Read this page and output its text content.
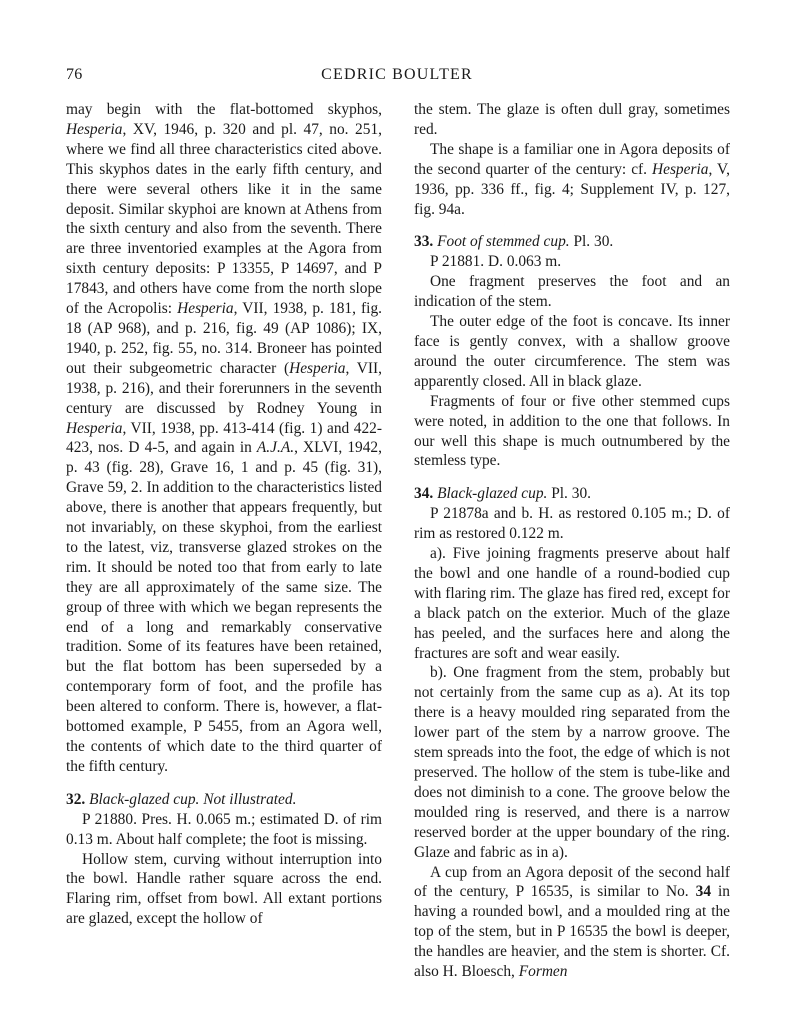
CEDRIC BOULTER
76

may begin with the flat-bottomed skyphos, Hesperia, XV, 1946, p. 320 and pl. 47, no. 251, where we find all three characteristics cited above. This skyphos dates in the early fifth century, and there were several others like it in the same deposit. Similar skyphoi are known at Athens from the sixth century and also from the seventh. There are three inventoried examples at the Agora from sixth century deposits: P 13355, P 14697, and P 17843, and others have come from the north slope of the Acropolis: Hesperia, VII, 1938, p. 181, fig. 18 (AP 968), and p. 216, fig. 49 (AP 1086); IX, 1940, p. 252, fig. 55, no. 314. Broneer has pointed out their subgeometric character (Hesperia, VII, 1938, p. 216), and their forerunners in the seventh century are discussed by Rodney Young in Hesperia, VII, 1938, pp. 413-414 (fig. 1) and 422-423, nos. D 4-5, and again in A.J.A., XLVI, 1942, p. 43 (fig. 28), Grave 16, 1 and p. 45 (fig. 31), Grave 59, 2. In addition to the characteristics listed above, there is another that appears frequently, but not invariably, on these skyphoi, from the earliest to the latest, viz, transverse glazed strokes on the rim. It should be noted too that from early to late they are all approximately of the same size. The group of three with which we began represents the end of a long and remarkably conservative tradition. Some of its features have been retained, but the flat bottom has been superseded by a contemporary form of foot, and the profile has been altered to conform. There is, however, a flat-bottomed example, P 5455, from an Agora well, the contents of which date to the third quarter of the fifth century.

32. Black-glazed cup. Not illustrated.

P 21880. Pres. H. 0.065 m.; estimated D. of rim 0.13 m. About half complete; the foot is missing.

Hollow stem, curving without interruption into the bowl. Handle rather square across the end. Flaring rim, offset from bowl. All extant portions are glazed, except the hollow of

the stem. The glaze is often dull gray, sometimes red.

The shape is a familiar one in Agora deposits of the second quarter of the century: cf. Hesperia, V, 1936, pp. 336 ff., fig. 4; Supplement IV, p. 127, fig. 94a.

33. Foot of stemmed cup. Pl. 30.

P 21881. D. 0.063 m.

One fragment preserves the foot and an indication of the stem.

The outer edge of the foot is concave. Its inner face is gently convex, with a shallow groove around the outer circumference. The stem was apparently closed. All in black glaze.

Fragments of four or five other stemmed cups were noted, in addition to the one that follows. In our well this shape is much outnumbered by the stemless type.

34. Black-glazed cup. Pl. 30.

P 21878a and b. H. as restored 0.105 m.; D. of rim as restored 0.122 m.

a). Five joining fragments preserve about half the bowl and one handle of a round-bodied cup with flaring rim. The glaze has fired red, except for a black patch on the exterior. Much of the glaze has peeled, and the surfaces here and along the fractures are soft and wear easily.

b). One fragment from the stem, probably but not certainly from the same cup as a). At its top there is a heavy moulded ring separated from the lower part of the stem by a narrow groove. The stem spreads into the foot, the edge of which is not preserved. The hollow of the stem is tube-like and does not diminish to a cone. The groove below the moulded ring is reserved, and there is a narrow reserved border at the upper boundary of the ring. Glaze and fabric as in a).

A cup from an Agora deposit of the second half of the century, P 16535, is similar to No. 34 in having a rounded bowl, and a moulded ring at the top of the stem, but in P 16535 the bowl is deeper, the handles are heavier, and the stem is shorter. Cf. also H. Bloesch, Formen
